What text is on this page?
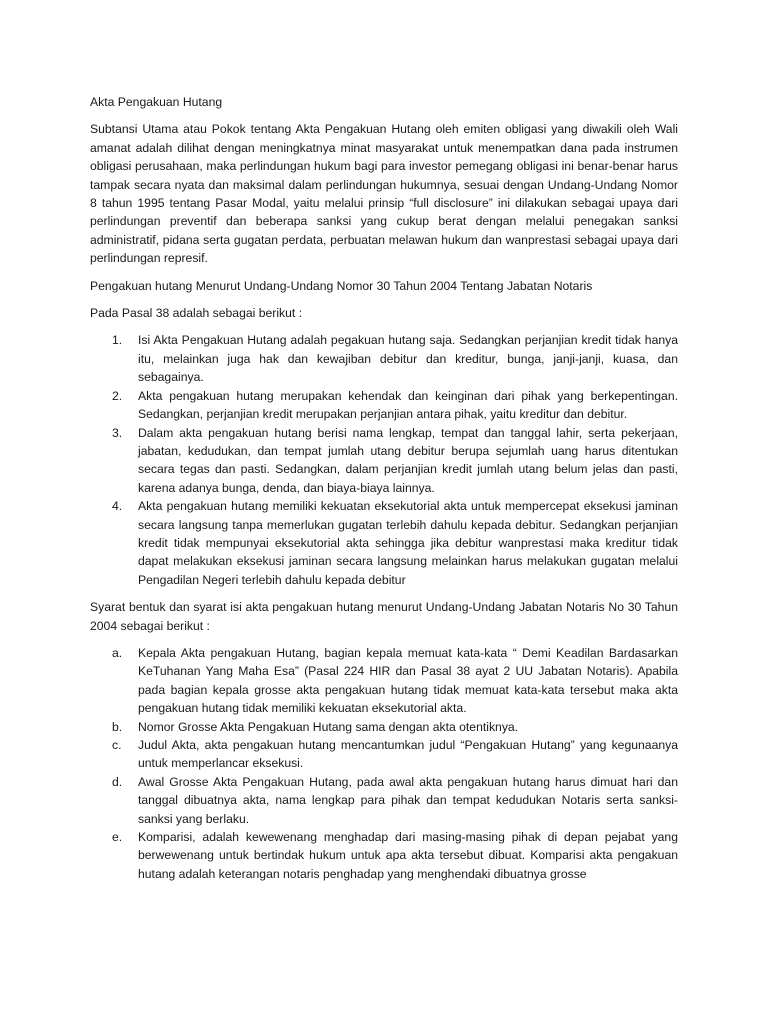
Akta Pengakuan Hutang

Subtansi Utama atau Pokok tentang Akta Pengakuan Hutang oleh emiten obligasi yang diwakili oleh Wali amanat adalah dilihat dengan meningkatnya minat masyarakat untuk menempatkan dana pada instrumen obligasi perusahaan, maka perlindungan hukum bagi para investor pemegang obligasi ini benar-benar harus tampak secara nyata dan maksimal dalam perlindungan hukumnya, sesuai dengan Undang-Undang Nomor 8 tahun 1995 tentang Pasar Modal, yaitu melalui prinsip “full disclosure” ini dilakukan sebagai upaya dari perlindungan preventif dan beberapa sanksi yang cukup berat dengan melalui penegakan sanksi administratif, pidana serta gugatan perdata, perbuatan melawan hukum dan wanprestasi sebagai upaya dari perlindungan represif.

Pengakuan hutang Menurut Undang-Undang Nomor 30 Tahun 2004 Tentang Jabatan Notaris

Pada Pasal 38 adalah sebagai berikut :

1.	Isi Akta Pengakuan Hutang adalah pegakuan hutang saja. Sedangkan perjanjian kredit tidak hanya itu, melainkan juga hak dan kewajiban debitur dan kreditur, bunga, janji-janji, kuasa, dan sebagainya.
2.	Akta pengakuan hutang merupakan kehendak dan keinginan dari pihak yang berkepentingan. Sedangkan, perjanjian kredit merupakan perjanjian antara pihak, yaitu kreditur dan debitur.
3.	Dalam akta pengakuan hutang berisi nama lengkap, tempat dan tanggal lahir, serta pekerjaan, jabatan, kedudukan, dan tempat jumlah utang debitur berupa sejumlah uang harus ditentukan secara tegas dan pasti. Sedangkan, dalam perjanjian kredit jumlah utang belum jelas dan pasti, karena adanya bunga, denda, dan biaya-biaya lainnya.
4.	Akta pengakuan hutang memiliki kekuatan eksekutorial akta untuk mempercepat eksekusi jaminan secara langsung tanpa memerlukan gugatan terlebih dahulu kepada debitur. Sedangkan perjanjian kredit tidak mempunyai eksekutorial akta sehingga jika debitur wanprestasi maka kreditur tidak dapat melakukan eksekusi jaminan secara langsung melainkan harus melakukan gugatan melalui Pengadilan Negeri terlebih dahulu kepada debitur

Syarat bentuk dan syarat isi akta pengakuan hutang menurut Undang-Undang Jabatan Notaris No 30 Tahun 2004 sebagai berikut :

a.	Kepala Akta pengakuan Hutang, bagian kepala memuat kata-kata “ Demi Keadilan Bardasarkan KeTuhanan Yang Maha Esa” (Pasal 224 HIR dan Pasal 38 ayat 2 UU Jabatan Notaris). Apabila pada bagian kepala grosse akta pengakuan hutang tidak memuat kata-kata tersebut maka akta pengakuan hutang tidak memiliki kekuatan eksekutorial akta.
b.	Nomor Grosse Akta Pengakuan Hutang sama dengan akta otentiknya.
c.	Judul Akta, akta pengakuan hutang mencantumkan judul “Pengakuan Hutang” yang kegunaanya untuk memperlancar eksekusi.
d.	Awal Grosse Akta Pengakuan Hutang, pada awal akta pengakuan hutang harus dimuat hari dan tanggal dibuatnya akta, nama lengkap para pihak dan tempat kedudukan Notaris serta sanksi-sanksi yang berlaku.
e.	Komparisi, adalah kewewenang menghadap dari masing-masing pihak di depan pejabat yang berwewenang untuk bertindak hukum untuk apa akta tersebut dibuat. Komparisi akta pengakuan hutang adalah keterangan notaris penghadap yang menghendaki dibuatnya grosse
